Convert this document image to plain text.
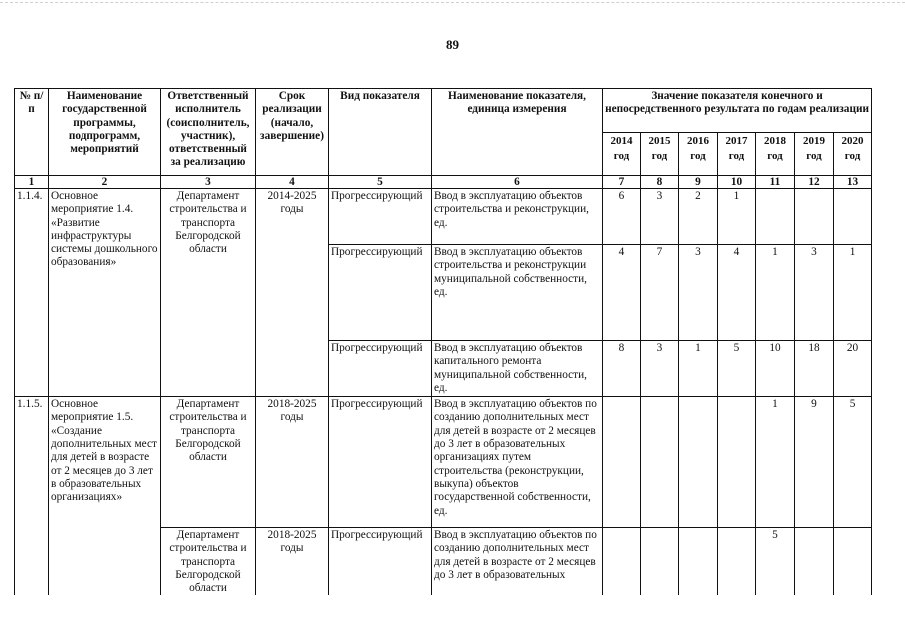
89
№ п/п	Наименование государственной программы, подпрограмм, мероприятий	Ответственный исполнитель (соисполнитель, участник), ответственный за реализацию	Срок реализации (начало, завершение)	Вид показателя	Наименование показателя, единица измерения	Значение показателя конечного и непосредственного результата по годам реализации						
						2014 год	2015 год	2016 год	2017 год	2018 год	2019 год	2020 год
1	2	3	4	5	6	7	8	9	10	11	12	13
1.1.4.	Основное мероприятие 1.4. «Развитие инфраструктуры системы дошкольного образования»	Департамент строительства и транспорта Белгородской области	2014-2025 годы	Прогрессирующий	Ввод в эксплуатацию объектов строительства и реконструкции, ед.	6	3	2	1			
				Прогрессирующий	Ввод в эксплуатацию объектов строительства и реконструкции муниципальной собственности, ед.	4	7	3	4	1	3	1
				Прогрессирующий	Ввод в эксплуатацию объектов капитального ремонта муниципальной собственности, ед.	8	3	1	5	10	18	20
1.1.5.	Основное мероприятие 1.5. «Создание дополнительных мест для детей в возрасте от 2 месяцев до 3 лет в образовательных организациях»	Департамент строительства и транспорта Белгородской области	2018-2025 годы	Прогрессирующий	Ввод в эксплуатацию объектов по созданию дополнительных мест для детей в возрасте от 2 месяцев до 3 лет в образовательных организациях путем строительства (реконструкции, выкупа) объектов государственной собственности, ед.					1	9	5
		Департамент строительства и транспорта Белгородской области	2018-2025 годы	Прогрессирующий	Ввод в эксплуатацию объектов по созданию дополнительных мест для детей в возрасте от 2 месяцев до 3 лет в образовательных					5		
